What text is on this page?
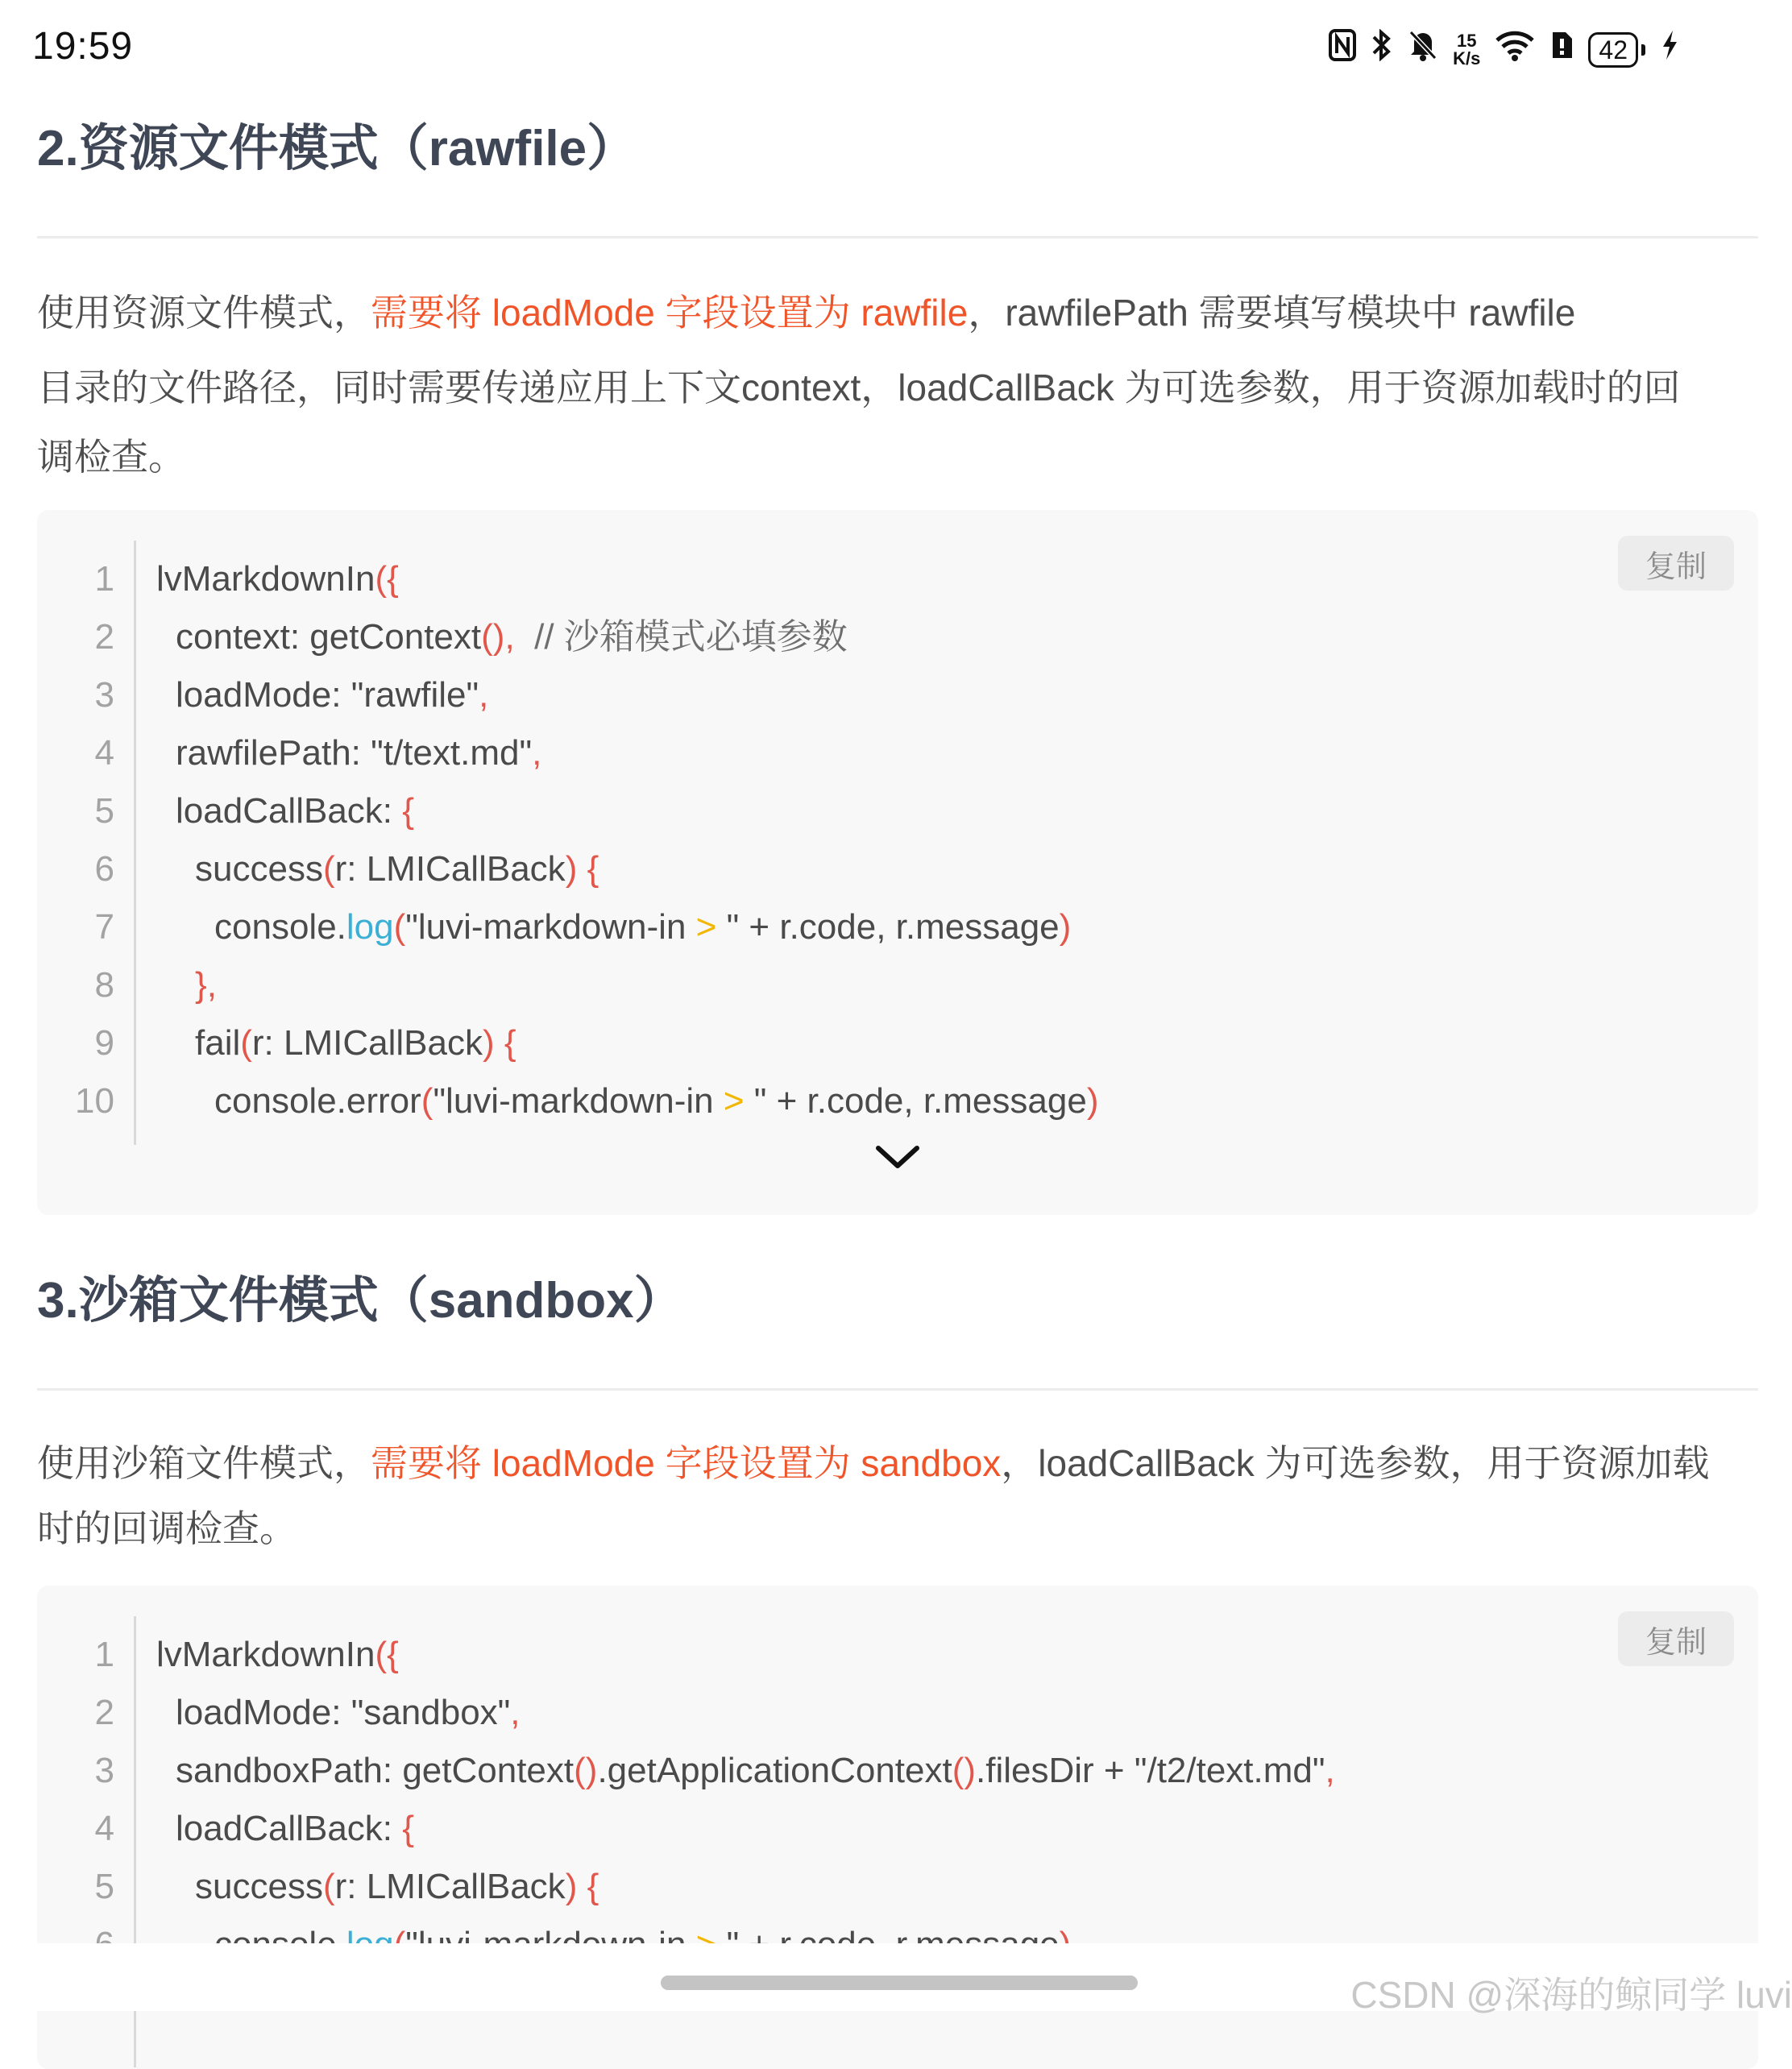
19:59	15
K/s	42
2.资源文件模式（rawfile）

使用资源文件模式，需要将 loadMode 字段设置为 rawfile，rawfilePath 需要填写模块中 rawfile

目录的文件路径，同时需要传递应用上下文context，loadCallBack 为可选参数，用于资源加载时的回

调检查。

复制
1 lvMarkdownIn({
2 context: getContext(), // 沙箱模式必填参数
3 loadMode: "rawfile",
4 rawfilePath: "t/text.md",
5 loadCallBack: {
6 success(r: LMICallBack) {
7	console.log("luvi-markdown-in > " + r.code, r.message)
8 },
9 fail(r: LMICallBack) {
10	console.error("luvi-markdown-in > " + r.code, r.message)
3.沙箱文件模式（sandbox）

使用沙箱文件模式，需要将 loadMode 字段设置为 sandbox，loadCallBack 为可选参数，用于资源加载

时的回调检查。

复制
1 lvMarkdownIn({
2 loadMode: "sandbox",
3 sandboxPath: getContext().getApplicationContext().filesDir + "/t2/text.md",
4 loadCallBack: {
5 success(r: LMICallBack) {
CSDN @深海的鲸同学 luvi
